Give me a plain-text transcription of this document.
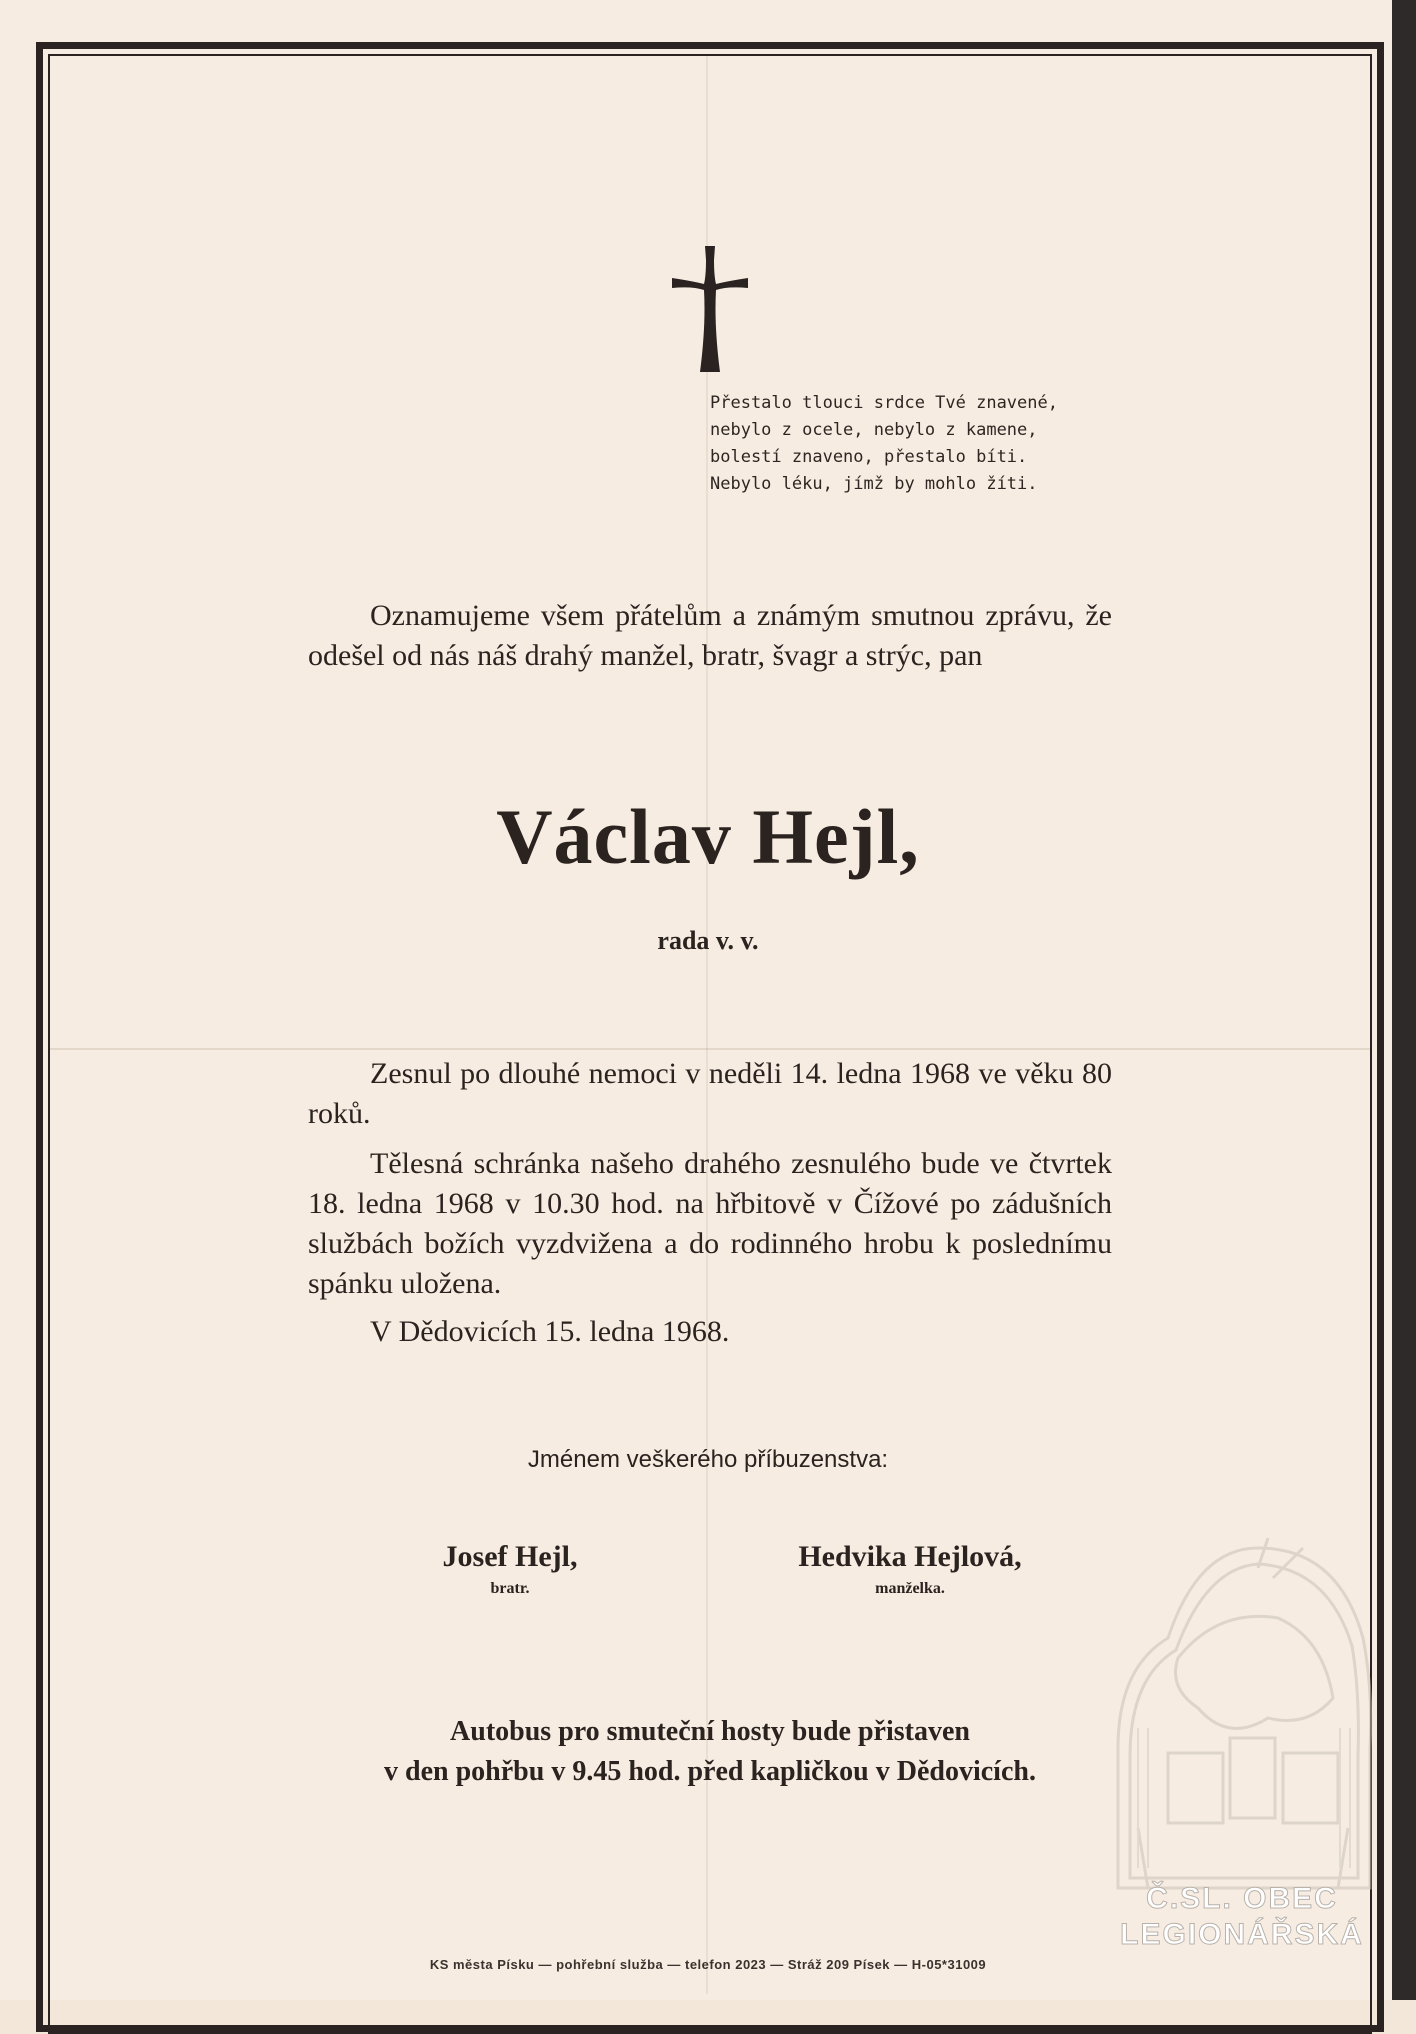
Přestalo tlouci srdce Tvé znavené,
nebylo z ocele, nebylo z kamene,
bolestí znaveno, přestalo bíti.
Nebylo léku, jímž by mohlo žíti.
Oznamujeme všem přátelům a známým smutnou zprávu, že odešel od nás náš drahý manžel, bratr, švagr a strýc, pan
Václav Hejl,
rada v. v.
Zesnul po dlouhé nemoci v neděli 14. ledna 1968 ve věku 80 roků.
Tělesná schránka našeho drahého zesnulého bude ve čtvrtek 18. ledna 1968 v 10.30 hod. na hřbitově v Čížové po zádušních službách božích vyzdvižena a do rodinného hrobu k poslednímu spánku uložena.
V Dědovicích 15. ledna 1968.
Jménem veškerého příbuzenstva:
Josef Hejl,
bratr.
Hedvika Hejlová,
manželka.
Autobus pro smuteční hosty bude přistaven
v den pohřbu v 9.45 hod. před kapličkou v Dědovicích.
Č.SL. OBEC
LEGIONÁŘSKÁ
KS města Písku — pohřební služba — telefon 2023 — Stráž 209 Písek — H-05*31009
